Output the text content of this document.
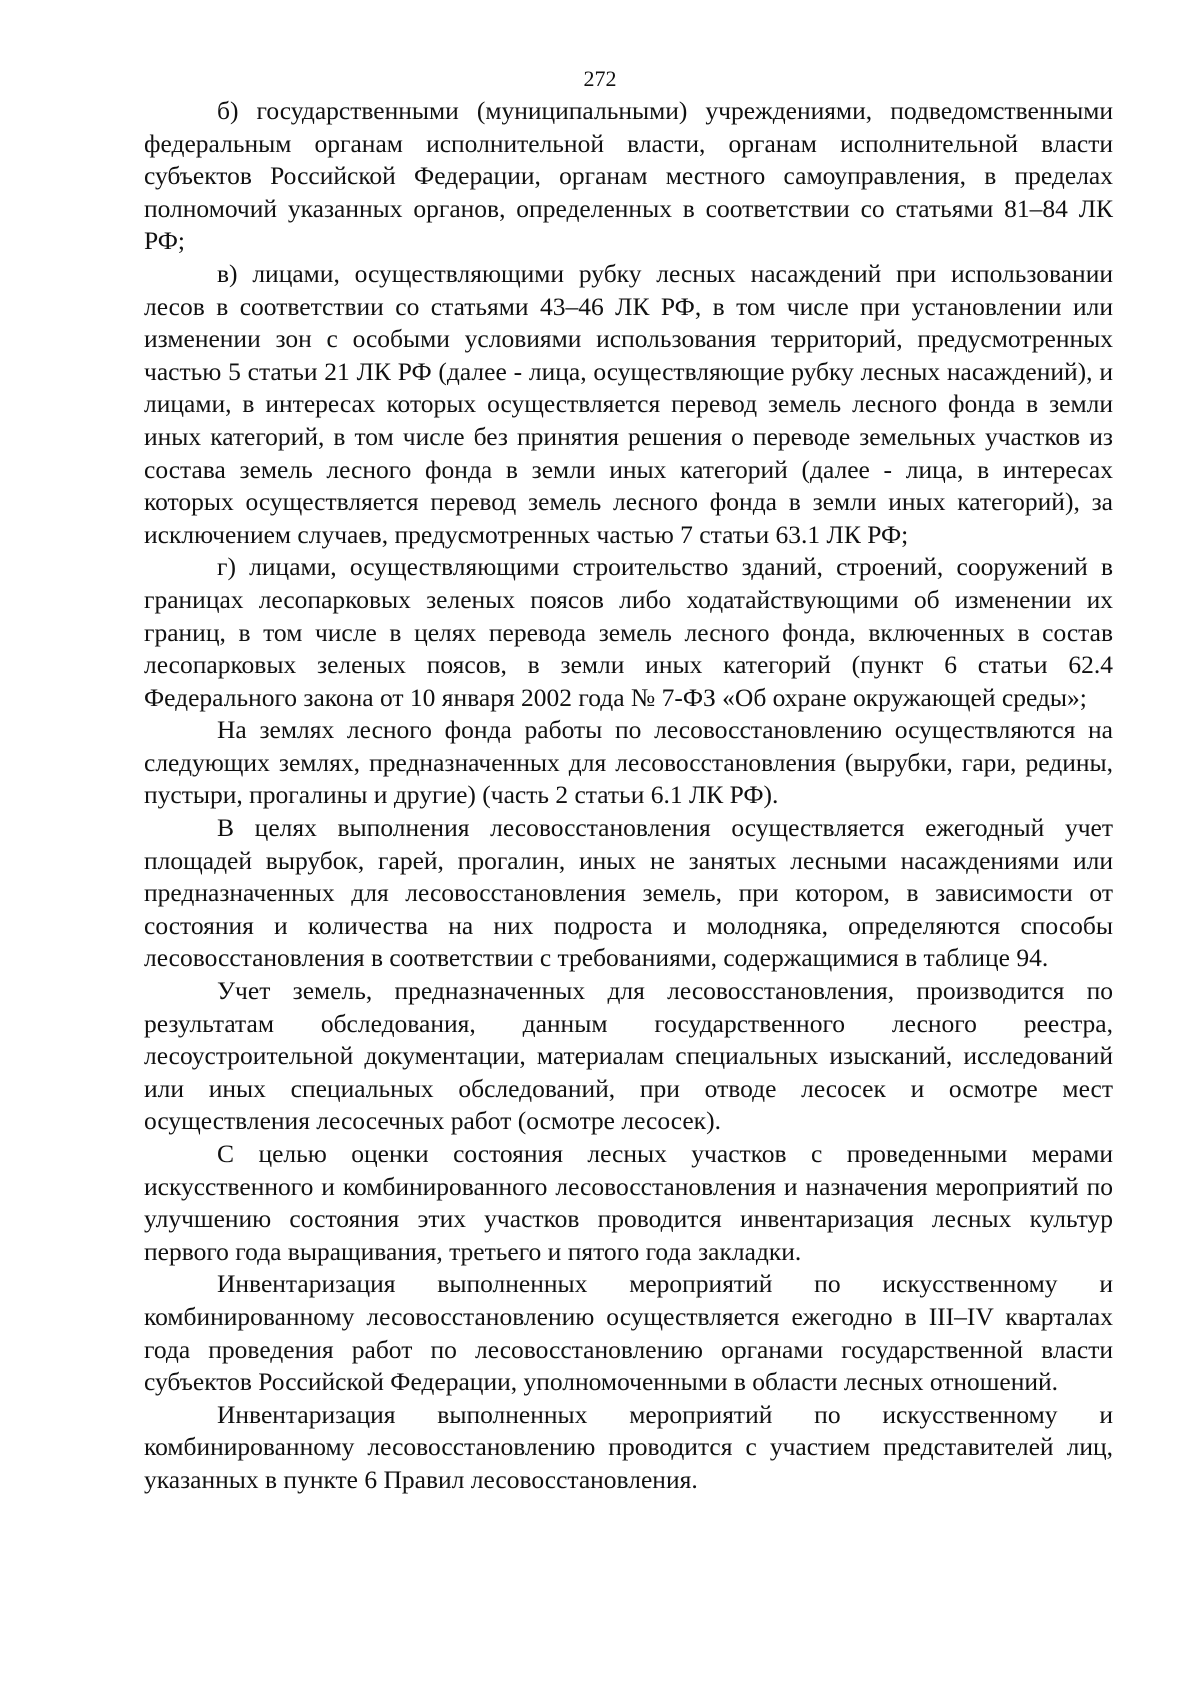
272

б) государственными (муниципальными) учреждениями, подведомственными федеральным органам исполнительной власти, органам исполнительной власти субъектов Российской Федерации, органам местного самоуправления, в пределах полномочий указанных органов, определенных в соответствии со статьями 81–84 ЛК РФ;

в) лицами, осуществляющими рубку лесных насаждений при использовании лесов в соответствии со статьями 43–46 ЛК РФ, в том числе при установлении или изменении зон с особыми условиями использования территорий, предусмотренных частью 5 статьи 21 ЛК РФ (далее - лица, осуществляющие рубку лесных насаждений), и лицами, в интересах которых осуществляется перевод земель лесного фонда в земли иных категорий, в том числе без принятия решения о переводе земельных участков из состава земель лесного фонда в земли иных категорий (далее - лица, в интересах которых осуществляется перевод земель лесного фонда в земли иных категорий), за исключением случаев, предусмотренных частью 7 статьи 63.1 ЛК РФ;

г) лицами, осуществляющими строительство зданий, строений, сооружений в границах лесопарковых зеленых поясов либо ходатайствующими об изменении их границ, в том числе в целях перевода земель лесного фонда, включенных в состав лесопарковых зеленых поясов, в земли иных категорий (пункт 6 статьи 62.4 Федерального закона от 10 января 2002 года № 7-ФЗ «Об охране окружающей среды»;

На землях лесного фонда работы по лесовосстановлению осуществляются на следующих землях, предназначенных для лесовосстановления (вырубки, гари, редины, пустыри, прогалины и другие) (часть 2 статьи 6.1 ЛК РФ).

В целях выполнения лесовосстановления осуществляется ежегодный учет площадей вырубок, гарей, прогалин, иных не занятых лесными насаждениями или предназначенных для лесовосстановления земель, при котором, в зависимости от состояния и количества на них подроста и молодняка, определяются способы лесовосстановления в соответствии с требованиями, содержащимися в таблице 94.

Учет земель, предназначенных для лесовосстановления, производится по результатам обследования, данным государственного лесного реестра, лесоустроительной документации, материалам специальных изысканий, исследований или иных специальных обследований, при отводе лесосек и осмотре мест осуществления лесосечных работ (осмотре лесосек).

С целью оценки состояния лесных участков с проведенными мерами искусственного и комбинированного лесовосстановления и назначения мероприятий по улучшению состояния этих участков проводится инвентаризация лесных культур первого года выращивания, третьего и пятого года закладки.

Инвентаризация выполненных мероприятий по искусственному и комбинированному лесовосстановлению осуществляется ежегодно в III–IV кварталах года проведения работ по лесовосстановлению органами государственной власти субъектов Российской Федерации, уполномоченными в области лесных отношений.

Инвентаризация выполненных мероприятий по искусственному и комбинированному лесовосстановлению проводится с участием представителей лиц, указанных в пункте 6 Правил лесовосстановления.
